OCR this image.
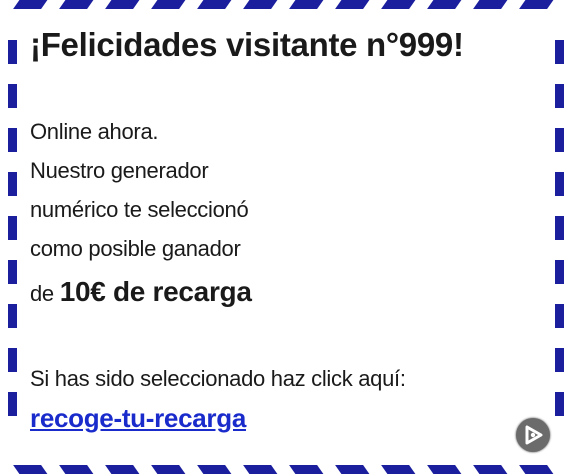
¡Felicidades visitante n°999!
Online ahora.
Nuestro generador
numérico te seleccionó
como posible ganador
de 10€ de recarga
Si has sido seleccionado haz click aquí:
recoge-tu-recarga
